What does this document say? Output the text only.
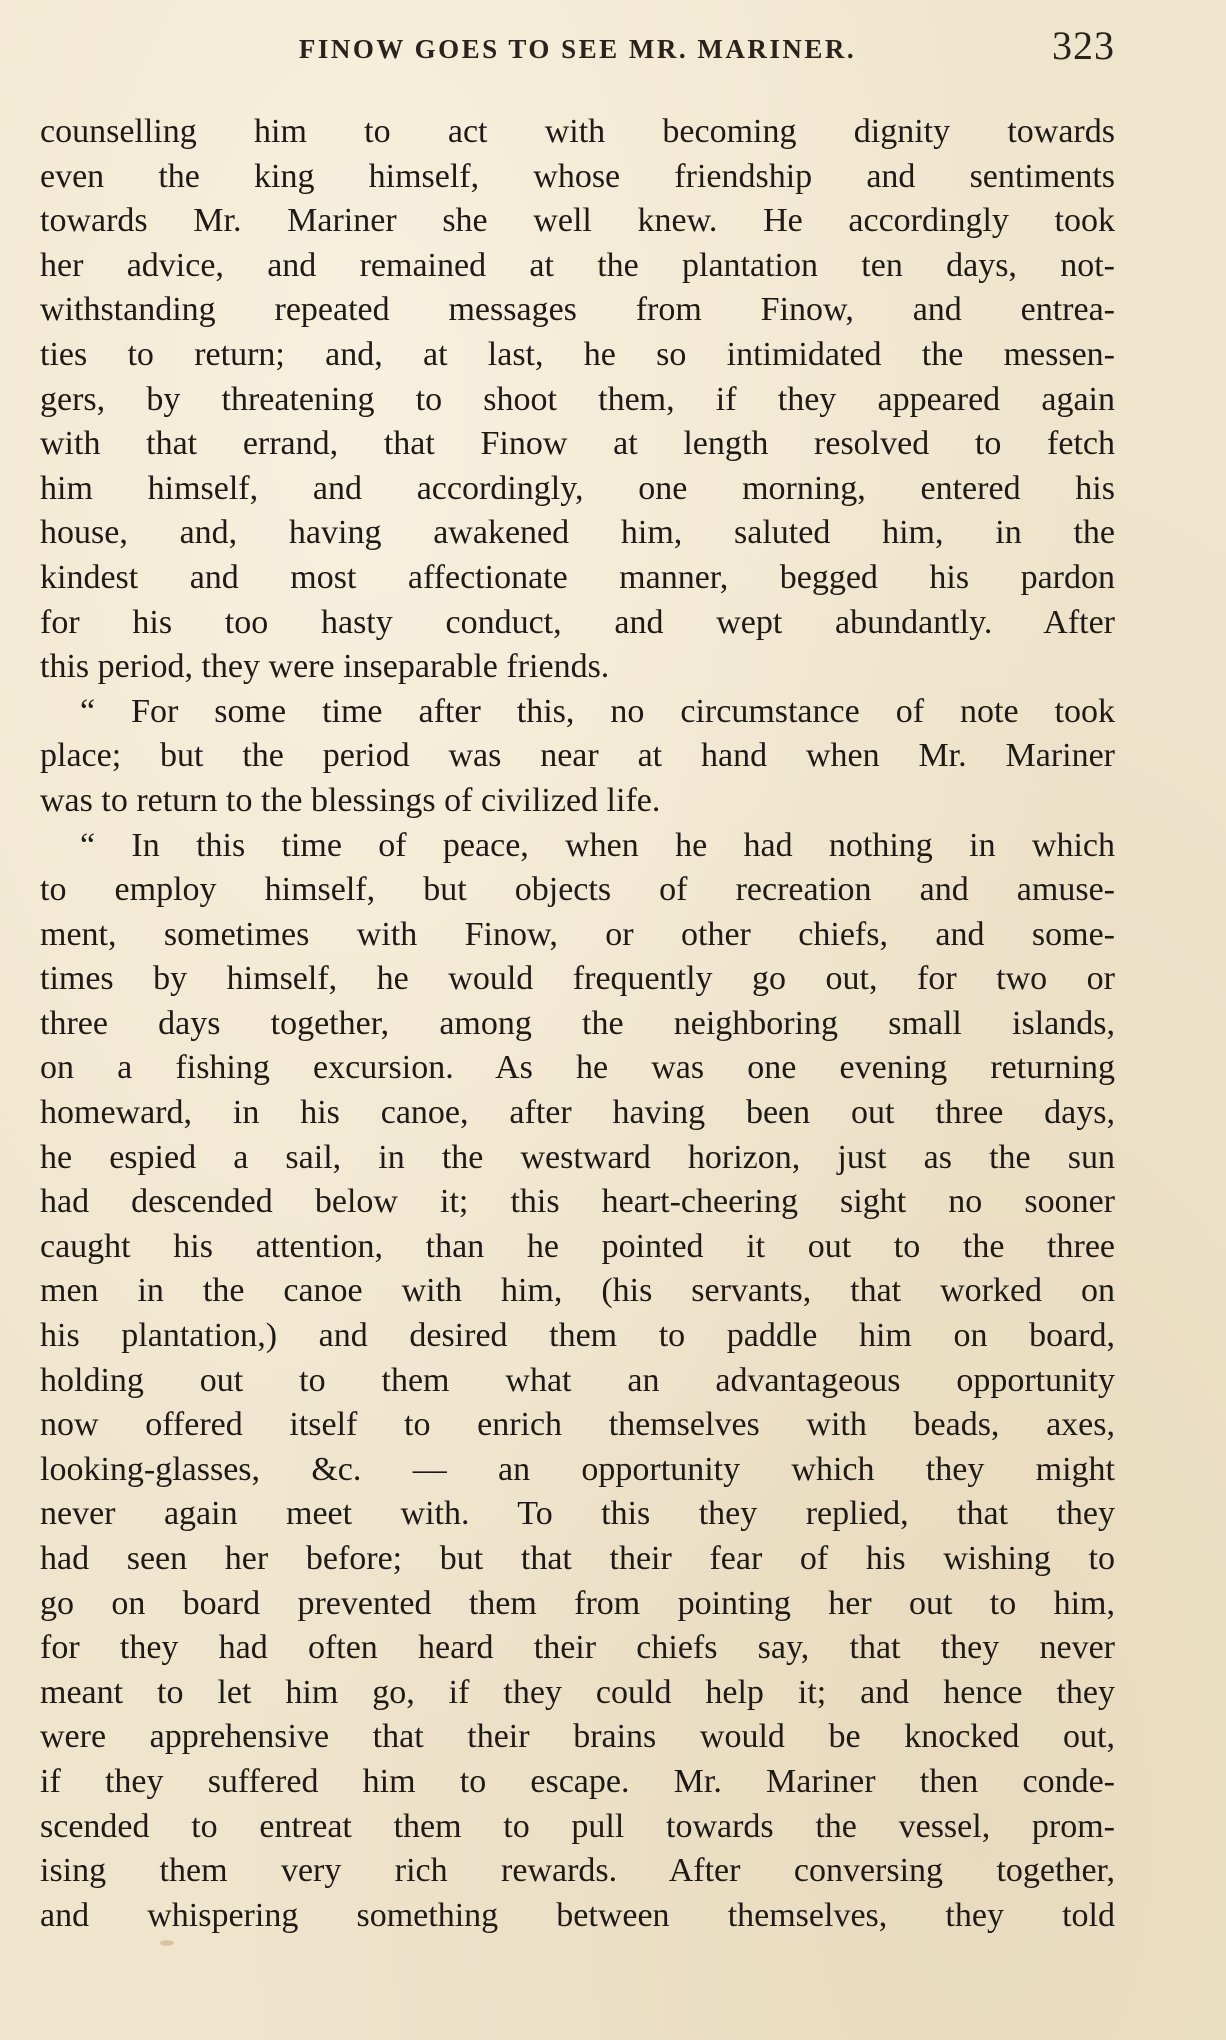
FINOW GOES TO SEE MR. MARINER.	323
counselling him to act with becoming dignity towards
even the king himself, whose friendship and sentiments
towards Mr. Mariner she well knew. He accordingly took
her advice, and remained at the plantation ten days, not-
withstanding repeated messages from Finow, and entrea-
ties to return; and, at last, he so intimidated the messen-
gers, by threatening to shoot them, if they appeared again
with that errand, that Finow at length resolved to fetch
him himself, and accordingly, one morning, entered his
house, and, having awakened him, saluted him, in the
kindest and most affectionate manner, begged his pardon
for his too hasty conduct, and wept abundantly. After
this period, they were inseparable friends.
“ For some time after this, no circumstance of note took
place; but the period was near at hand when Mr. Mariner
was to return to the blessings of civilized life.
“ In this time of peace, when he had nothing in which
to employ himself, but objects of recreation and amuse-
ment, sometimes with Finow, or other chiefs, and some-
times by himself, he would frequently go out, for two or
three days together, among the neighboring small islands,
on a fishing excursion. As he was one evening returning
homeward, in his canoe, after having been out three days,
he espied a sail, in the westward horizon, just as the sun
had descended below it; this heart-cheering sight no sooner
caught his attention, than he pointed it out to the three
men in the canoe with him, (his servants, that worked on
his plantation,) and desired them to paddle him on board,
holding out to them what an advantageous opportunity
now offered itself to enrich themselves with beads, axes,
looking-glasses, &c. — an opportunity which they might
never again meet with. To this they replied, that they
had seen her before; but that their fear of his wishing to
go on board prevented them from pointing her out to him,
for they had often heard their chiefs say, that they never
meant to let him go, if they could help it; and hence they
were apprehensive that their brains would be knocked out,
if they suffered him to escape. Mr. Mariner then conde-
scended to entreat them to pull towards the vessel, prom-
ising them very rich rewards. After conversing together,
and whispering something between themselves, they told
